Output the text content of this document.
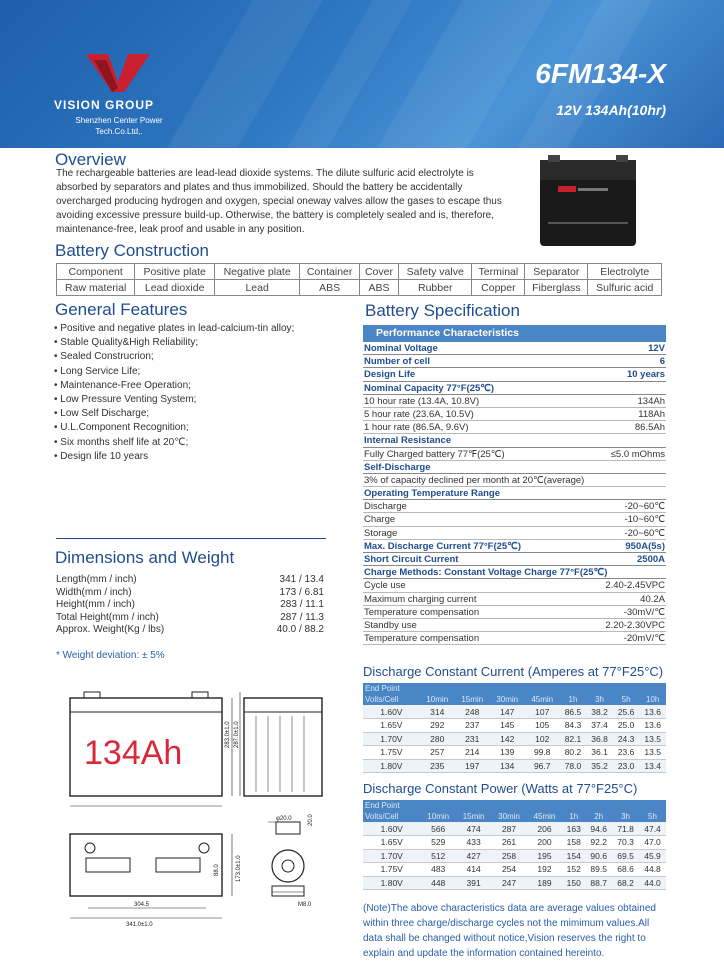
VISION GROUP
Shenzhen Center Power
Tech.Co.Ltd,.
6FM134-X
12V 134Ah(10hr)
Overview
The rechargeable batteries are lead-lead dioxide systems. The dilute sulfuric acid electrolyte is absorbed by separators and plates and thus immobilized. Should the battery be accidentally overcharged producing hydrogen and oxygen, special oneway valves allow the gases to escape thus avoiding excessive pressure build-up. Otherwise, the battery is completely sealed and is, therefore, maintenance-free, leak proof and usable in any position.
Battery Construction
Component	Positive plate	Negative plate	Container	Cover	Safety valve	Terminal	Separator	Electrolyte
Raw material	Lead dioxide	Lead	ABS	ABS	Rubber	Copper	Fiberglass	Sulfuric acid
General Features
• Positive and negative plates in lead-calcium-tin alloy;
• Stable Quality&High Reliability;
• Sealed Construcrion;
• Long Service Life;
• Maintenance-Free Operation;
• Low Pressure Venting System;
• Low Self Discharge;
• U.L.Component Recognition;
• Six months shelf life at 20℃;
• Design life 10 years
Dimensions and Weight
Length(mm / inch)	341 / 13.4
Width(mm / inch)	173 / 6.81
Height(mm / inch)	283 / 11.1
Total Height(mm / inch)	287 / 11.3
Approx. Weight(Kg / lbs)	40.0 / 88.2
* Weight deviation: ± 5%
134Ah	283.0±1.0 287.0±1.0
304.5
341.0±1.0
88.0	173.0±1.0
φ20.0	20.0
M8.0
Battery Specification
Performance Characteristics
Nominal Voltage	12V
Number of cell	6
Design Life	10 years
Nominal Capacity 77°F(25℃)
10 hour rate (13.4A, 10.8V)	134Ah
5 hour rate (23.6A, 10.5V)	118Ah
1 hour rate (86.5A, 9.6V)	86.5Ah
Internal Resistance
Fully Charged battery 77℉(25℃)	≤5.0 mOhms
Self-Discharge
3% of capacity declined per month at 20℃(average)
Operating Temperature Range
Discharge	-20~60℃
Charge	-10~60℃
Storage	-20~60℃
Max. Discharge Current 77°F(25℃)	950A(5s)
Short Circuit Current	2500A
Charge Methods: Constant Voltage Charge 77°F(25℃)
Cycle use	2.40-2.45VPC
Maximum charging current	40.2A
Temperature compensation	-30mV/℃
Standby use	2.20-2.30VPC
Temperature compensation	-20mV/℃
Discharge Constant Current (Amperes at 77°F25°C)
End Point								
Volts/Cell	10min	15min	30min	45min	1h	3h	5h	10h
1.60V	314	248	147	107	86.5	38.2	25.6	13.6
1.65V	292	237	145	105	84.3	37.4	25.0	13.6
1.70V	280	231	142	102	82.1	36.8	24.3	13.5
1.75V	257	214	139	99.8	80.2	36.1	23.6	13.5
1.80V	235	197	134	96.7	78.0	35.2	23.0	13.4
Discharge Constant Power (Watts at 77°F25°C)
End Point								
Volts/Cell	10min	15min	30min	45min	1h	2h	3h	5h
1.60V	566	474	287	206	163	94.6	71.8	47.4
1.65V	529	433	261	200	158	92.2	70.3	47.0
1.70V	512	427	258	195	154	90.6	69.5	45.9
1.75V	483	414	254	192	152	89.5	68.6	44.8
1.80V	448	391	247	189	150	88.7	68.2	44.0
(Note)The above characteristics data are average values obtained within three charge/discharge cycles not the mimimum values.All data shall be changed without notice,Vision reserves the right to explain and update the information contained hereinto.
